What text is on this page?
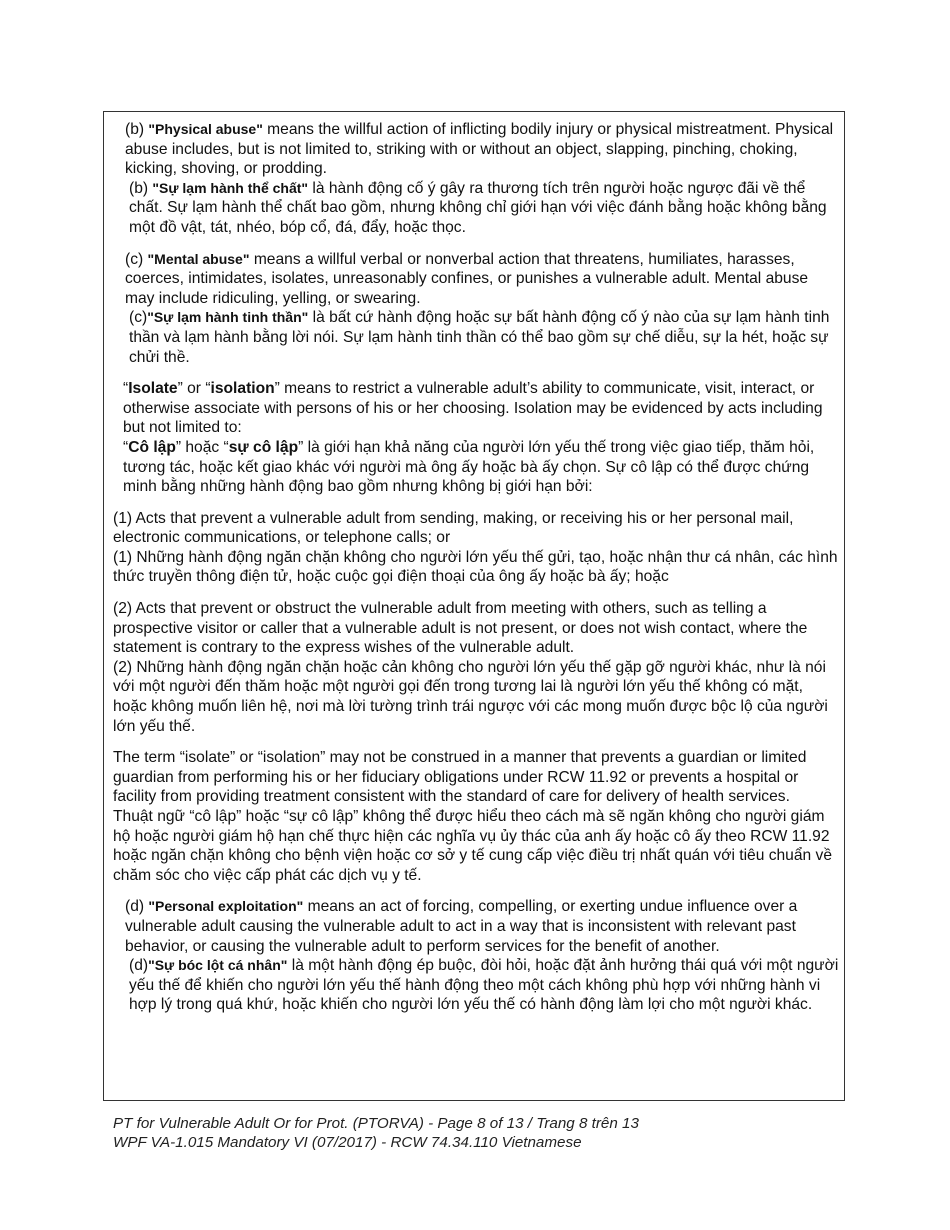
(b) "Physical abuse" means the willful action of inflicting bodily injury or physical mistreatment. Physical abuse includes, but is not limited to, striking with or without an object, slapping, pinching, choking, kicking, shoving, or prodding.

(b) "Sự lạm hành thể chất" là hành động cố ý gây ra thương tích trên người hoặc ngược đãi về thể chất. Sự lạm hành thể chất bao gồm, nhưng không chỉ giới hạn với việc đánh bằng hoặc không bằng một đồ vật, tát, nhéo, bóp cổ, đá, đẩy, hoặc thọc.

(c) "Mental abuse" means a willful verbal or nonverbal action that threatens, humiliates, harasses, coerces, intimidates, isolates, unreasonably confines, or punishes a vulnerable adult. Mental abuse may include ridiculing, yelling, or swearing.

(c)"Sự lạm hành tinh thần" là bất cứ hành động hoặc sự bất hành động cố ý nào của sự lạm hành tinh thần và lạm hành bằng lời nói. Sự lạm hành tinh thần có thể bao gồm sự chế diễu, sự la hét, hoặc sự chửi thề.

“Isolate” or “isolation” means to restrict a vulnerable adult’s ability to communicate, visit, interact, or otherwise associate with persons of his or her choosing. Isolation may be evidenced by acts including but not limited to:

“Cô lập” hoặc “sự cô lập” là giới hạn khả năng của người lớn yếu thế trong việc giao tiếp, thăm hỏi, tương tác, hoặc kết giao khác với người mà ông ấy hoặc bà ấy chọn. Sự cô lập có thể được chứng minh bằng những hành động bao gồm nhưng không bị giới hạn bởi:

(1) Acts that prevent a vulnerable adult from sending, making, or receiving his or her personal mail, electronic communications, or telephone calls; or

(1) Những hành động ngăn chặn không cho người lớn yếu thế gửi, tạo, hoặc nhận thư cá nhân, các hình thức truyền thông điện tử, hoặc cuộc gọi điện thoại của ông ấy hoặc bà ấy; hoặc

(2) Acts that prevent or obstruct the vulnerable adult from meeting with others, such as telling a prospective visitor or caller that a vulnerable adult is not present, or does not wish contact, where the statement is contrary to the express wishes of the vulnerable adult.

(2) Những hành động ngăn chặn hoặc cản không cho người lớn yếu thế gặp gỡ người khác, như là nói với một người đến thăm hoặc một người gọi đến trong tương lai là người lớn yếu thế không có mặt, hoặc không muốn liên hệ, nơi mà lời tường trình trái ngược với các mong muốn được bộc lộ của người lớn yếu thế.

The term “isolate” or “isolation” may not be construed in a manner that prevents a guardian or limited guardian from performing his or her fiduciary obligations under RCW 11.92 or prevents a hospital or facility from providing treatment consistent with the standard of care for delivery of health services.

Thuật ngữ “cô lập” hoặc “sự cô lập” không thể được hiểu theo cách mà sẽ ngăn không cho người giám hộ hoặc người giám hộ hạn chế thực hiện các nghĩa vụ ủy thác của anh ấy hoặc cô ấy theo RCW 11.92 hoặc ngăn chặn không cho bệnh viện hoặc cơ sở y tế cung cấp việc điều trị nhất quán với tiêu chuẩn về chăm sóc cho việc cấp phát các dịch vụ y tế.

(d) "Personal exploitation" means an act of forcing, compelling, or exerting undue influence over a vulnerable adult causing the vulnerable adult to act in a way that is inconsistent with relevant past behavior, or causing the vulnerable adult to perform services for the benefit of another.

(d)"Sự bóc lột cá nhân" là một hành động ép buộc, đòi hỏi, hoặc đặt ảnh hưởng thái quá với một người yếu thế để khiến cho người lớn yếu thế hành động theo một cách không phù hợp với những hành vi hợp lý trong quá khứ, hoặc khiến cho người lớn yếu thế có hành động làm lợi cho một người khác.

PT for Vulnerable Adult Or for Prot. (PTORVA) - Page 8 of 13 / Trang 8 trên 13

WPF VA-1.015 Mandatory VI (07/2017) - RCW 74.34.110 Vietnamese
